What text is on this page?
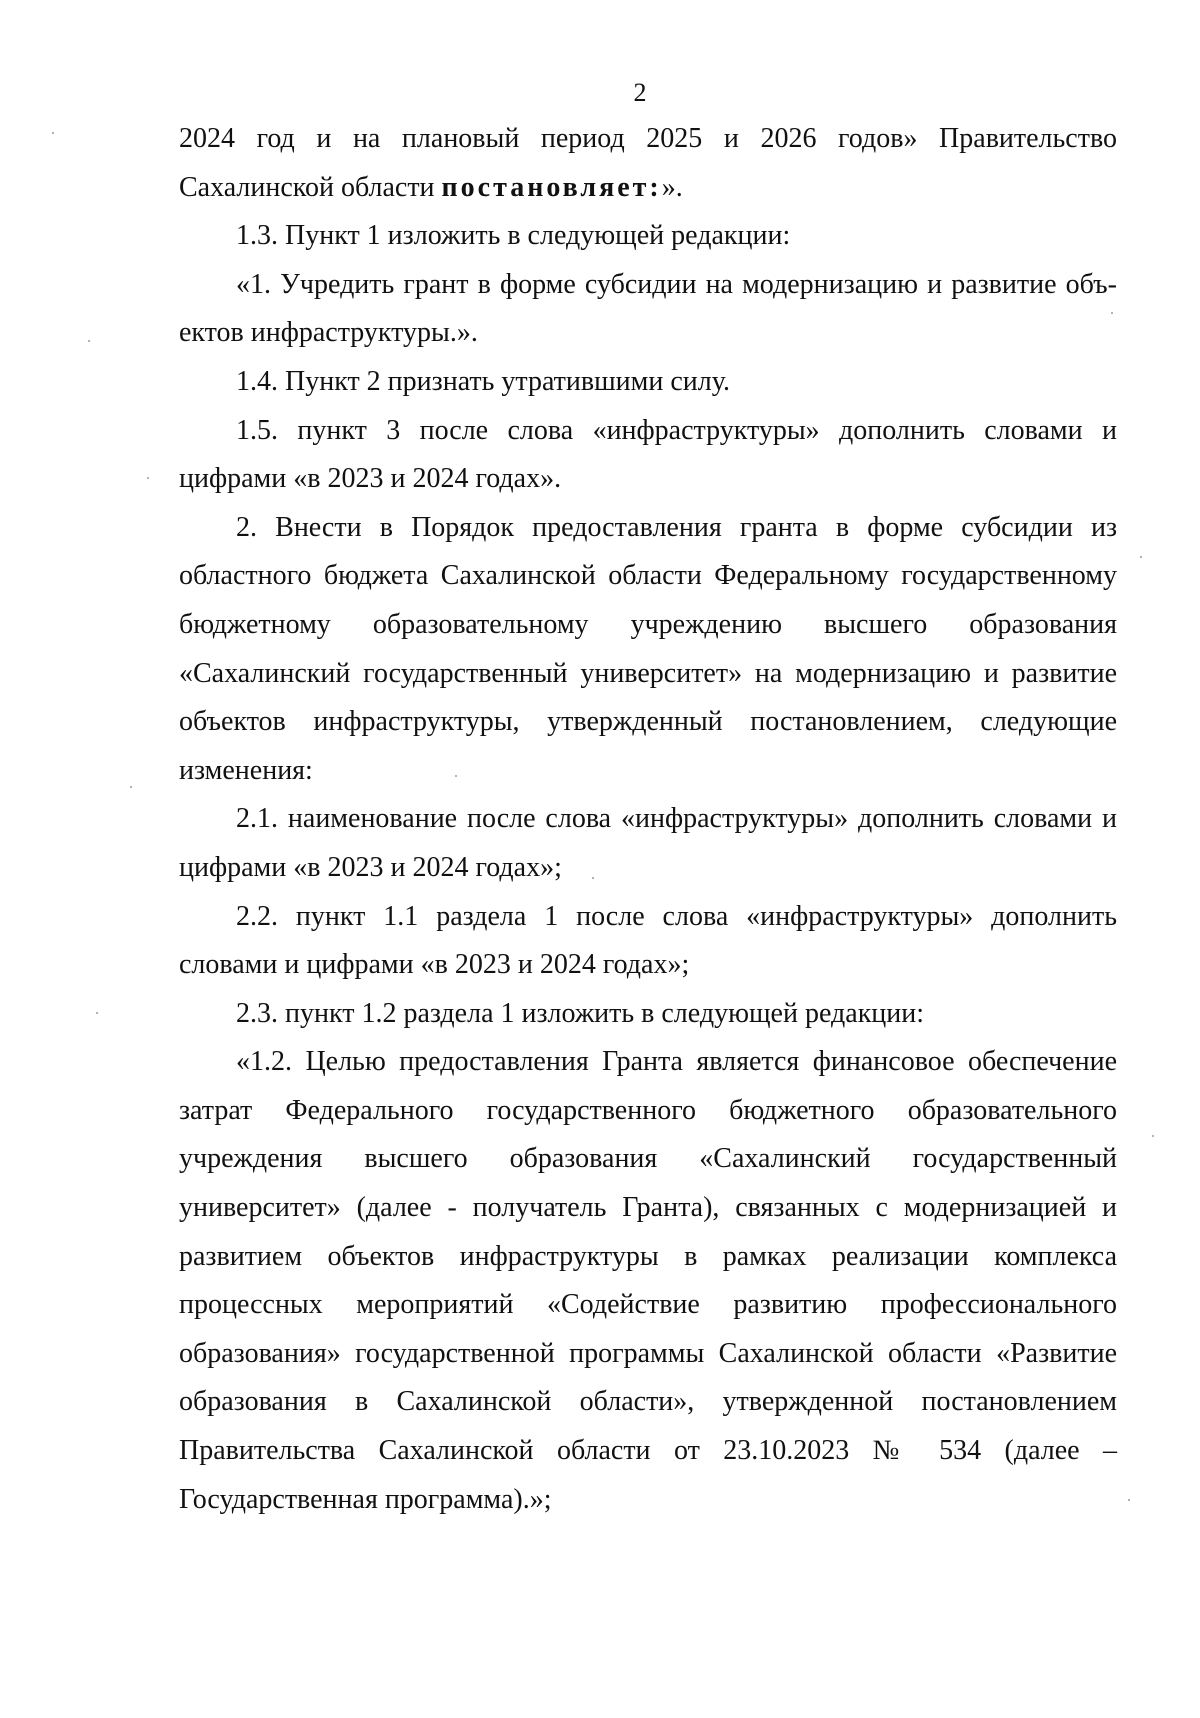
2

2024 год и на плановый период 2025 и 2026 годов» Правительство Сахалинской области постановляет:».

1.3. Пункт 1 изложить в следующей редакции:

«1. Учредить грант в форме субсидии на модернизацию и развитие объектов инфраструктуры.».

1.4. Пункт 2 признать утратившими силу.

1.5. пункт 3 после слова «инфраструктуры» дополнить словами и цифрами «в 2023 и 2024 годах».

2. Внести в Порядок предоставления гранта в форме субсидии из областного бюджета Сахалинской области Федеральному государственному бюджетному образовательному учреждению высшего образования «Сахалинский государственный университет» на модернизацию и развитие объектов инфраструктуры, утвержденный постановлением, следующие изменения:

2.1. наименование после слова «инфраструктуры» дополнить словами и цифрами «в 2023 и 2024 годах»;

2.2. пункт 1.1 раздела 1 после слова «инфраструктуры» дополнить словами и цифрами «в 2023 и 2024 годах»;

2.3. пункт 1.2 раздела 1 изложить в следующей редакции:

«1.2. Целью предоставления Гранта является финансовое обеспечение затрат Федерального государственного бюджетного образовательного учреждения высшего образования «Сахалинский государственный университет» (далее - получатель Гранта), связанных с модернизацией и развитием объектов инфраструктуры в рамках реализации комплекса процессных мероприятий «Содействие развитию профессионального образования» государственной программы Сахалинской области «Развитие образования в Сахалинской области», утвержденной постановлением Правительства Сахалинской области от 23.10.2023 № 534 (далее – Государственная программа).»;
